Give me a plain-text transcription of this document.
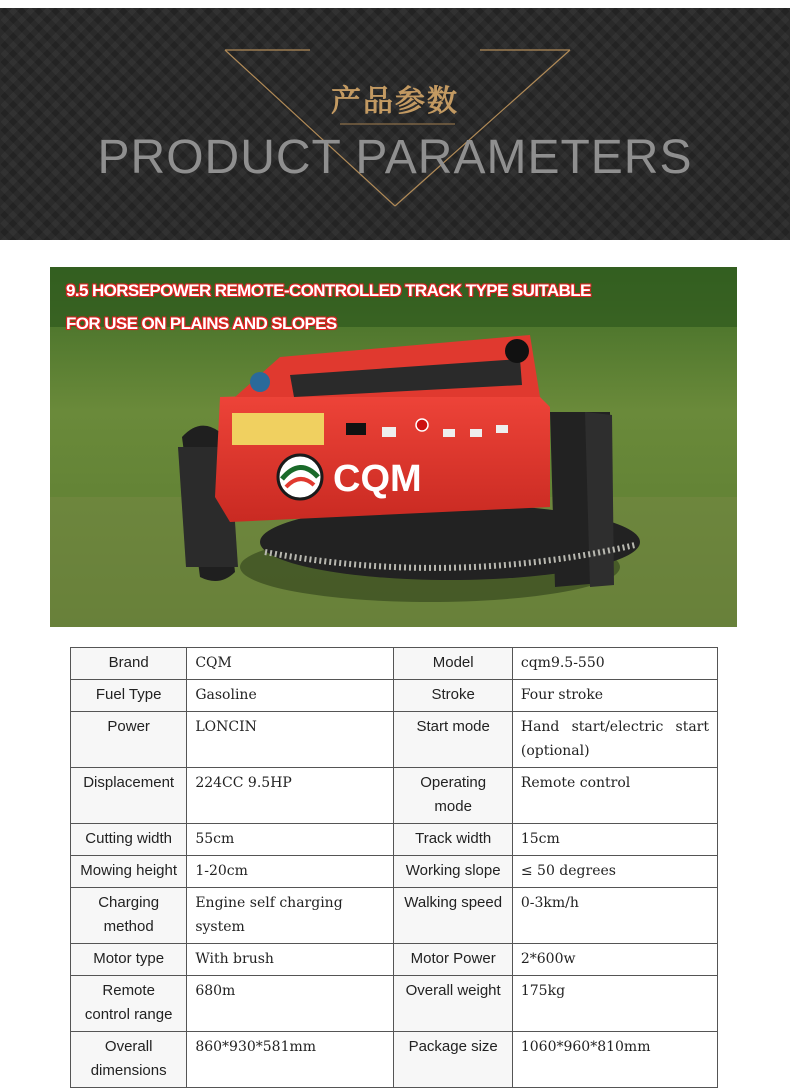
产品参数
PRODUCT PARAMETERS
CQM
9.5 HORSEPOWER REMOTE-CONTROLLED TRACK TYPE SUITABLE
FOR USE ON PLAINS AND SLOPES
Brand	CQM	Model	cqm9.5-550
Fuel Type	Gasoline	Stroke	Four stroke
Power	LONCIN	Start mode	Hand start/electric start (optional)
Displacement	224CC 9.5HP	Operating mode	Remote control
Cutting width	55cm	Track width	15cm
Mowing height	1-20cm	Working slope	≤ 50 degrees
Charging method	Engine self charging system	Walking speed	0-3km/h
Motor type	With brush	Motor Power	2*600w
Remote control range	680m	Overall weight	175kg
Overall dimensions	860*930*581mm	Package size	1060*960*810mm
